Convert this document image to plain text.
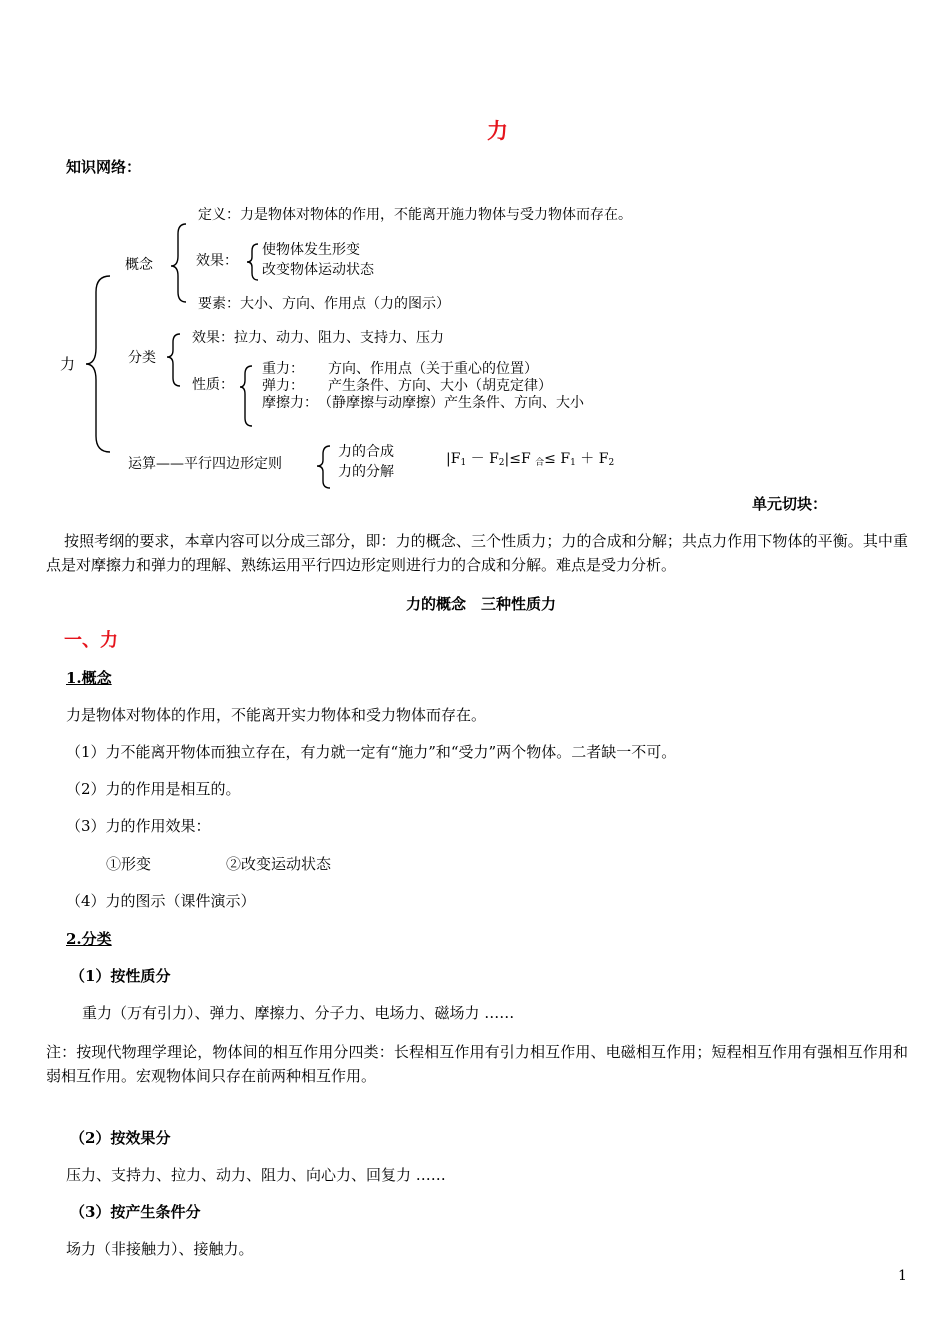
力
知识网络：
力
概念
定义：力是物体对物体的作用，不能离开施力物体与受力物体而存在。
效果：
使物体发生形变
改变物体运动状态
要素：大小、方向、作用点（力的图示）
分类
效果：拉力、动力、阻力、支持力、压力
性质：
重力： 方向、作用点（关于重心的位置）
弹力： 产生条件、方向、大小（胡克定律）
摩擦力： （静摩擦与动摩擦）产生条件、方向、大小
运算——平行四边形定则
力的合成
力的分解
$|F_1 - F_2|\le F$ $_合\le F_1 + F_2$
单元切块：
按照考纲的要求，本章内容可以分成三部分，即：力的概念、三个性质力；力的合成和分解；共点力作用下物体的平衡。其中重点是对摩擦力和弹力的理解、熟练运用平行四边形定则进行力的合成和分解。难点是受力分析。
力的概念　三种性质力
一、力
1.概念
力是物体对物体的作用，不能离开实力物体和受力物体而存在。
（1）力不能离开物体而独立存在，有力就一定有“施力”和“受力”两个物体。二者缺一不可。
（2）力的作用是相互的。
（3）力的作用效果：
①形变	②改变运动状态
（4）力的图示（课件演示）
2.分类
（1）按性质分
重力（万有引力）、弹力、摩擦力、分子力、电场力、磁场力 ……
注：按现代物理学理论，物体间的相互作用分四类：长程相互作用有引力相互作用、电磁相互作用；短程相互作用有强相互作用和弱相互作用。宏观物体间只存在前两种相互作用。
（2）按效果分
压力、支持力、拉力、动力、阻力、向心力、回复力 ……
（3）按产生条件分
场力（非接触力）、接触力。
1
